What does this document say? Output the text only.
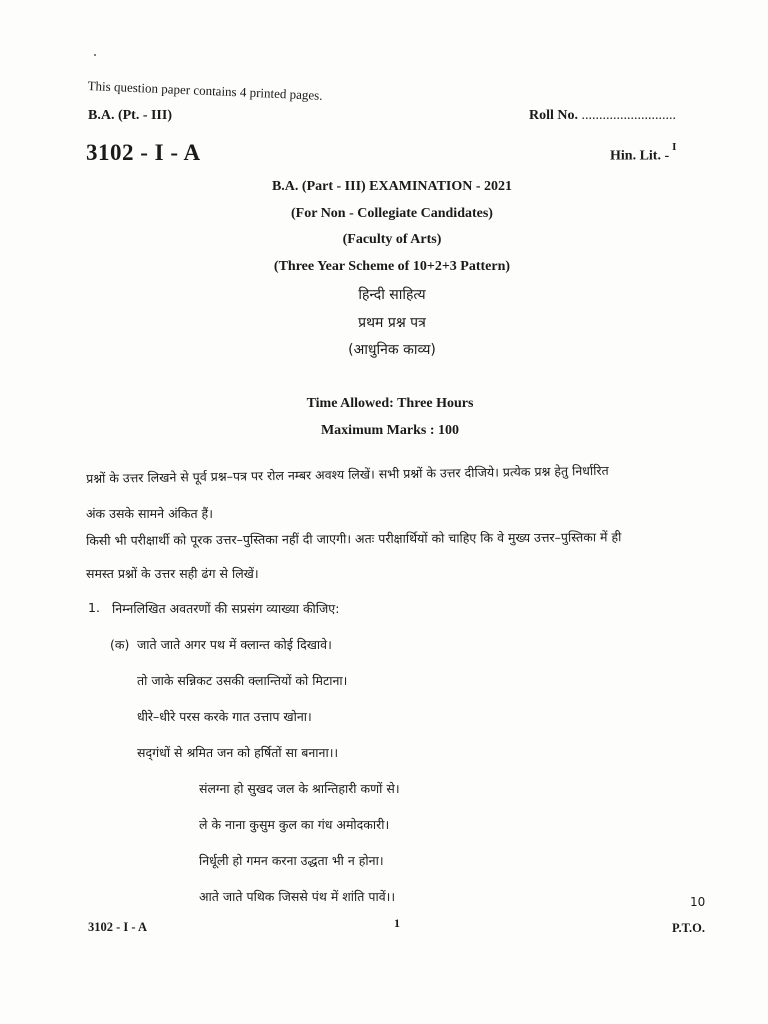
This question paper contains 4 printed pages.
B.A. (Pt. - III)	Roll No. ...........................
3102 - I - A	Hin. Lit. -$^I$
B.A. (Part - III) EXAMINATION - 2021
(For Non - Collegiate Candidates)
(Faculty of Arts)
(Three Year Scheme of 10+2+3 Pattern)
हिन्दी साहित्य
प्रथम प्रश्न पत्र
(आधुनिक काव्य)
Time Allowed: Three Hours
Maximum Marks : 100
प्रश्नों के उत्तर लिखने से पूर्व प्रश्न–पत्र पर रोल नम्बर अवश्य लिखें। सभी प्रश्नों के उत्तर दीजिये। प्रत्येक प्रश्न हेतु निर्धारित
अंक उसके सामने अंकित हैं।
किसी भी परीक्षार्थी को पूरक उत्तर–पुस्तिका नहीं दी जाएगी। अतः परीक्षार्थियों को चाहिए कि वे मुख्य उत्तर–पुस्तिका में ही
समस्त प्रश्नों के उत्तर सही ढंग से लिखें।
1. निम्नलिखित अवतरणों की सप्रसंग व्याख्या कीजिए:
(क) जाते जाते अगर पथ में क्लान्त कोई दिखावे।
तो जाके सन्निकट उसकी क्लान्तियों को मिटाना।
धीरे–धीरे परस करके गात उत्ताप खोना।
सद्‌गंधों से श्रमित जन को हर्षितों सा बनाना।।
संलग्ना हो सुखद जल के श्रान्तिहारी कणों से।
ले के नाना कुसुम कुल का गंध अमोदकारी।
निर्धूली हो गमन करना उद्धता भी न होना।
आते जाते पथिक जिससे पंथ में शांति पावें।।	10
3102 - I - A	1	P.T.O.
